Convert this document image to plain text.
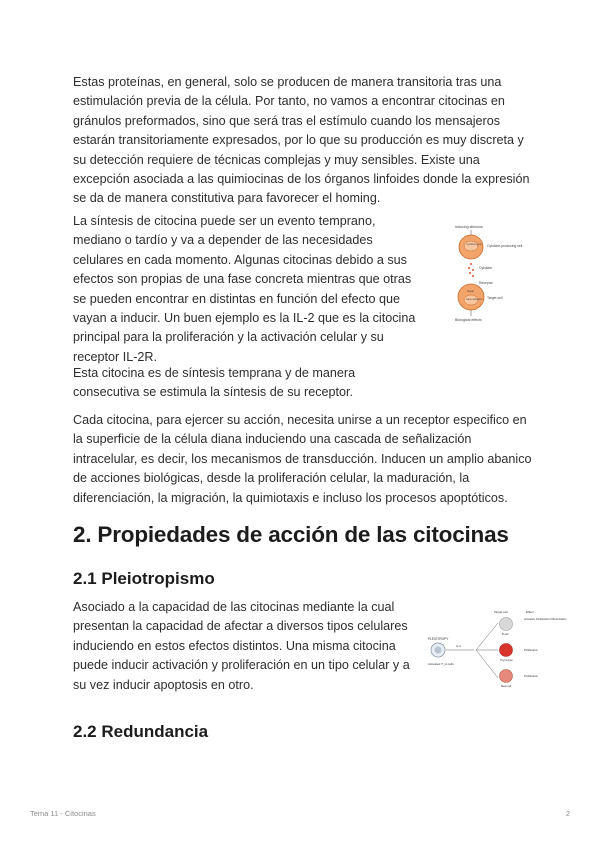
Estas proteínas, en general, solo se producen de manera transitoria tras una estimulación previa de la célula. Por tanto, no vamos a encontrar citocinas en gránulos preformados, sino que será tras el estímulo cuando los mensajeros estarán transitoriamente expresados, por lo que su producción es muy discreta y su detección requiere de técnicas complejas y muy sensibles. Existe una excepción asociada a las quimiocinas de los órganos linfoides donde la expresión se da de manera constitutiva para favorecer el homing.

La síntesis de citocina puede ser un evento temprano, mediano o tardío y va a depender de las necesidades celulares en cada momento. Algunas citocinas debido a sus efectos son propias de una fase concreta mientras que otras se pueden encontrar en distintas en función del efecto que vayan a inducir. Un buen ejemplo es la IL-2 que es la citocina principal para la proliferación y la activación celular y su receptor IL-2R.

Inducing stimulus
Cytokine gene Cytokine-producing cell
Cytokine
Receptor
Signal
Gene activation Target cell
Biological effects

Esta citocina es de síntesis temprana y de manera consecutiva se estimula la síntesis de su receptor.

Cada citocina, para ejercer su acción, necesita unirse a un receptor especifico en la superficie de la célula diana induciendo una cascada de señalización intracelular, es decir, los mecanismos de transducción. Inducen un amplio abanico de acciones biológicas, desde la proliferación celular, la maduración, la diferenciación, la migración, la quimiotaxis e incluso los procesos apoptóticos.

2. Propiedades de acción de las citocinas
2.1 Pleiotropismo

Asociado a la capacidad de las citocinas mediante la cual presentan la capacidad de afectar a diversos tipos celulares induciendo en estos efectos distintos. Una misma citocina puede inducir activación y proliferación en un tipo celular y a su vez inducir apoptosis en otro.

PLEIOTROPY
Activated T_H cells
IL-4
Target cell	Effect
B cell
Activation Proliferation Differentiation
Thymocyte
Proliferation
Mast cell
Proliferation
2.2 Redundancia
Tema 11 - Citocinas	2
